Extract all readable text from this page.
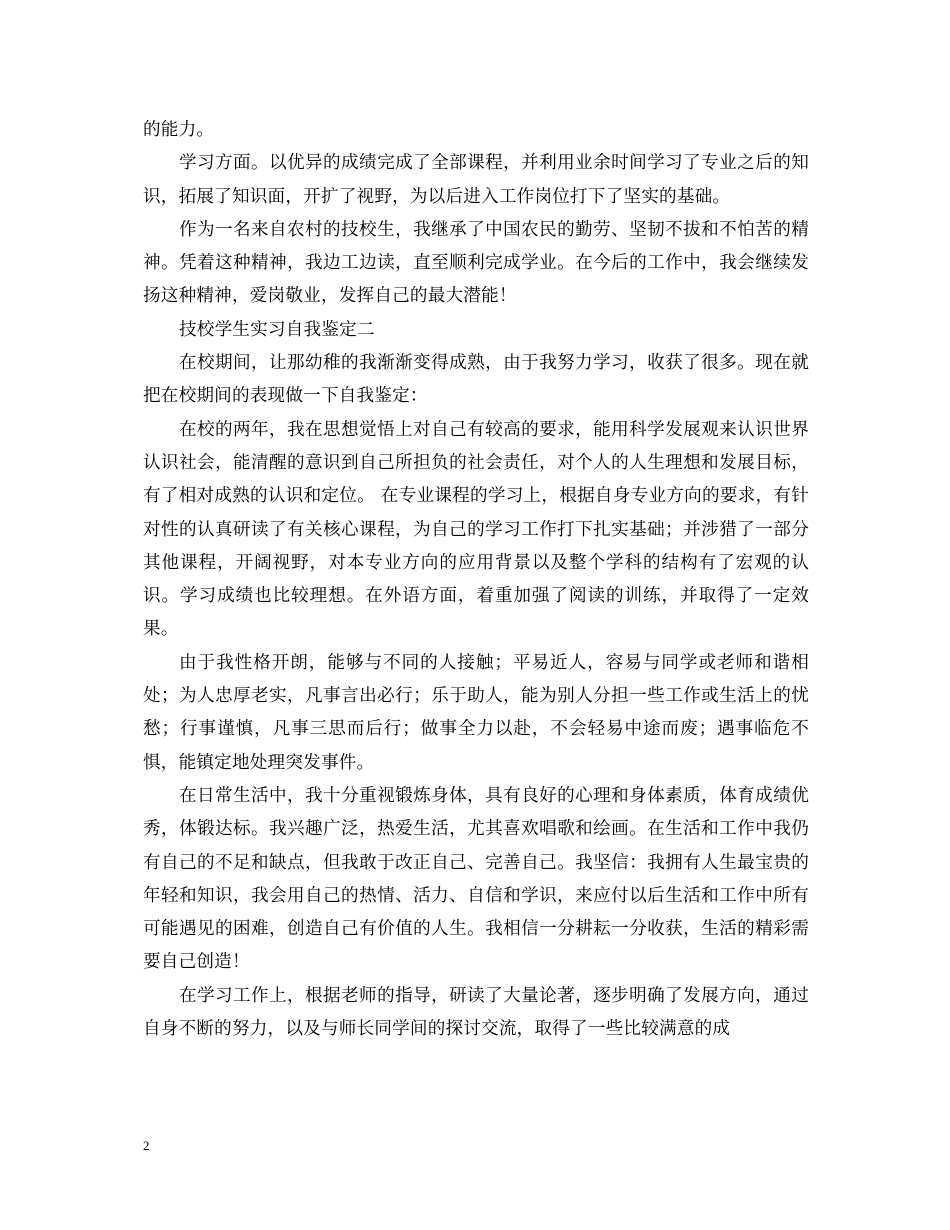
的能力。

学习方面。以优异的成绩完成了全部课程，并利用业余时间学习了专业之后的知识，拓展了知识面，开扩了视野，为以后进入工作岗位打下了坚实的基础。

作为一名来自农村的技校生，我继承了中国农民的勤劳、坚韧不拔和不怕苦的精神。凭着这种精神，我边工边读，直至顺利完成学业。在今后的工作中，我会继续发扬这种精神，爱岗敬业，发挥自己的最大潜能！

技校学生实习自我鉴定二

在校期间，让那幼稚的我渐渐变得成熟，由于我努力学习，收获了很多。现在就把在校期间的表现做一下自我鉴定：

在校的两年，我在思想觉悟上对自己有较高的要求，能用科学发展观来认识世界认识社会，能清醒的意识到自己所担负的社会责任，对个人的人生理想和发展目标，有了相对成熟的认识和定位。 在专业课程的学习上，根据自身专业方向的要求，有针对性的认真研读了有关核心课程，为自己的学习工作打下扎实基础；并涉猎了一部分其他课程，开阔视野，对本专业方向的应用背景以及整个学科的结构有了宏观的认识。学习成绩也比较理想。在外语方面，着重加强了阅读的训练，并取得了一定效果。

由于我性格开朗，能够与不同的人接触；平易近人，容易与同学或老师和谐相处；为人忠厚老实，凡事言出必行；乐于助人，能为别人分担一些工作或生活上的忧愁；行事谨慎，凡事三思而后行；做事全力以赴，不会轻易中途而废；遇事临危不惧，能镇定地处理突发事件。

在日常生活中，我十分重视锻炼身体，具有良好的心理和身体素质，体育成绩优秀，体锻达标。我兴趣广泛，热爱生活，尤其喜欢唱歌和绘画。在生活和工作中我仍有自己的不足和缺点，但我敢于改正自己、完善自己。我坚信：我拥有人生最宝贵的年轻和知识，我会用自己的热情、活力、自信和学识，来应付以后生活和工作中所有可能遇见的困难，创造自己有价值的人生。我相信一分耕耘一分收获，生活的精彩需要自己创造！

在学习工作上，根据老师的指导，研读了大量论著，逐步明确了发展方向，通过自身不断的努力，以及与师长同学间的探讨交流，取得了一些比较满意的成

2
